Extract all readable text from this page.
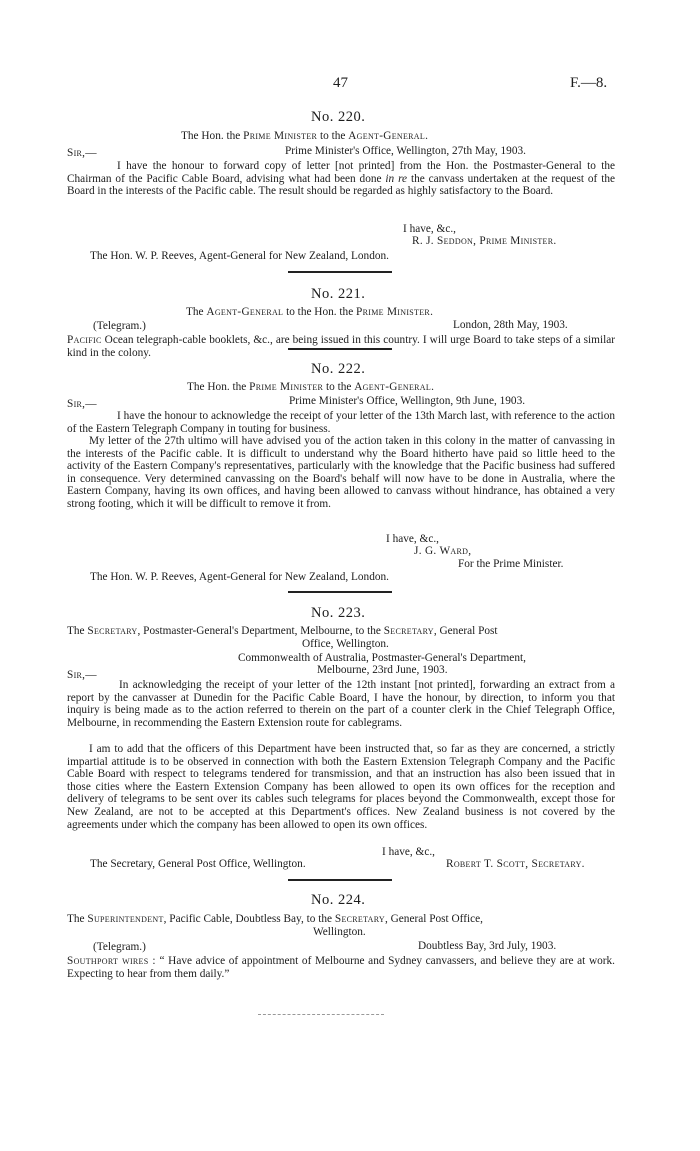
47	F.—8.
No. 220.
The Hon. the Prime Minister to the Agent-General.
Sir,—	Prime Minister's Office, Wellington, 27th May, 1903.

I have the honour to forward copy of letter [not printed] from the Hon. the Postmaster-General to the Chairman of the Pacific Cable Board, advising what had been done in re the canvass undertaken at the request of the Board in the interests of the Pacific cable. The result should be regarded as highly satisfactory to the Board.

I have, &c.,
R. J. Seddon, Prime Minister.
The Hon. W. P. Reeves, Agent-General for New Zealand, London.
No. 221.
The Agent-General to the Hon. the Prime Minister.
(Telegram.)	London, 28th May, 1903.

Pacific Ocean telegraph-cable booklets, &c., are being issued in this country. I will urge Board to take steps of a similar kind in the colony.

No. 222.
The Hon. the Prime Minister to the Agent-General.
Sir,—	Prime Minister's Office, Wellington, 9th June, 1903.

I have the honour to acknowledge the receipt of your letter of the 13th March last, with reference to the action of the Eastern Telegraph Company in touting for business.

My letter of the 27th ultimo will have advised you of the action taken in this colony in the matter of canvassing in the interests of the Pacific cable. It is difficult to understand why the Board hitherto have paid so little heed to the activity of the Eastern Company's representatives, particularly with the knowledge that the Pacific business had suffered in consequence. Very determined canvassing on the Board's behalf will now have to be done in Australia, where the Eastern Company, having its own offices, and having been allowed to canvass without hindrance, has obtained a very strong footing, which it will be difficult to remove it from.

I have, &c.,
J. G. Ward,
For the Prime Minister.
The Hon. W. P. Reeves, Agent-General for New Zealand, London.
No. 223.
The Secretary, Postmaster-General's Department, Melbourne, to the Secretary, General Post
Office, Wellington.
Commonwealth of Australia, Postmaster-General's Department,
Sir,—	Melbourne, 23rd June, 1903.

In acknowledging the receipt of your letter of the 12th instant [not printed], forwarding an extract from a report by the canvasser at Dunedin for the Pacific Cable Board, I have the honour, by direction, to inform you that inquiry is being made as to the action referred to therein on the part of a counter clerk in the Chief Telegraph Office, Melbourne, in recommending the Eastern Extension route for cablegrams.

I am to add that the officers of this Department have been instructed that, so far as they are concerned, a strictly impartial attitude is to be observed in connection with both the Eastern Extension Telegraph Company and the Pacific Cable Board with respect to telegrams tendered for transmission, and that an instruction has also been issued that in those cities where the Eastern Extension Company has been allowed to open its own offices for the reception and delivery of telegrams to be sent over its cables such telegrams for places beyond the Commonwealth, except those for New Zealand, are not to be accepted at this Department's offices. New Zealand business is not covered by the agreements under which the company has been allowed to open its own offices.

I have, &c.,
The Secretary, General Post Office, Wellington.	Robert T. Scott, Secretary.
No. 224.
The Superintendent, Pacific Cable, Doubtless Bay, to the Secretary, General Post Office,
Wellington.
(Telegram.)	Doubtless Bay, 3rd July, 1903.

Southport wires : “ Have advice of appointment of Melbourne and Sydney canvassers, and believe they are at work. Expecting to hear from them daily.”
